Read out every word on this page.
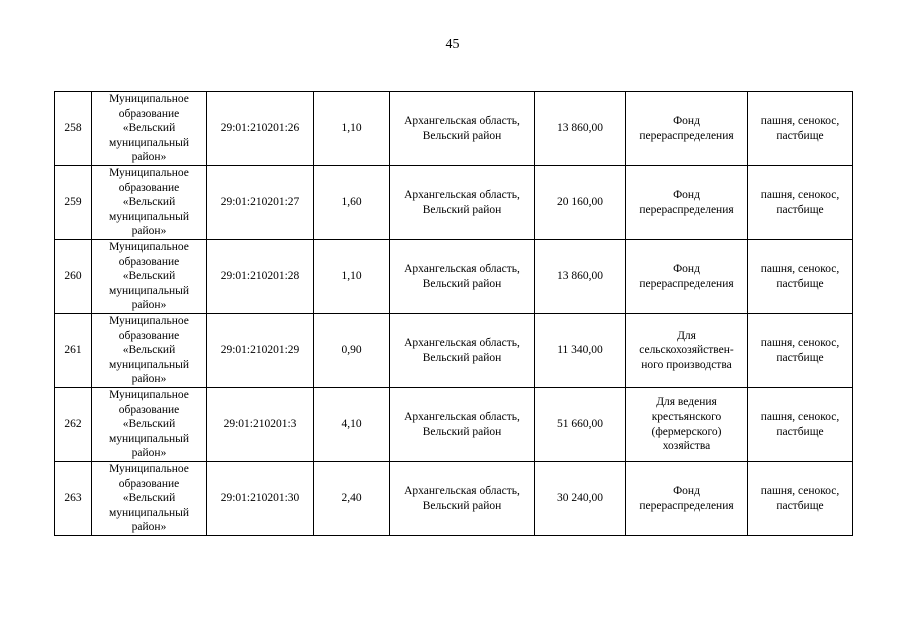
45
258	Муниципальное
образование
«Вельский
муниципальный
район»	29:01:210201:26	1,10	Архангельская область,
Вельский район	13 860,00	Фонд
перераспределения	пашня, сенокос,
пастбище

259	Муниципальное
образование
«Вельский
муниципальный
район»	29:01:210201:27	1,60	Архангельская область,
Вельский район	20 160,00	Фонд
перераспределения	пашня, сенокос,
пастбище

260	Муниципальное
образование
«Вельский
муниципальный
район»	29:01:210201:28	1,10	Архангельская область,
Вельский район	13 860,00	Фонд
перераспределения	пашня, сенокос,
пастбище

261	Муниципальное
образование
«Вельский
муниципальный
район»	29:01:210201:29	0,90	Архангельская область,
Вельский район	11 340,00	Для
сельскохозяйствен-
ного производства	пашня, сенокос,
пастбище

262	Муниципальное
образование
«Вельский
муниципальный
район»	29:01:210201:3	4,10	Архангельская область,
Вельский район	51 660,00	Для ведения
крестьянского
(фермерского)
хозяйства	пашня, сенокос,
пастбище

263	Муниципальное
образование
«Вельский
муниципальный
район»	29:01:210201:30	2,40	Архангельская область,
Вельский район	30 240,00	Фонд
перераспределения	пашня, сенокос,
пастбище
